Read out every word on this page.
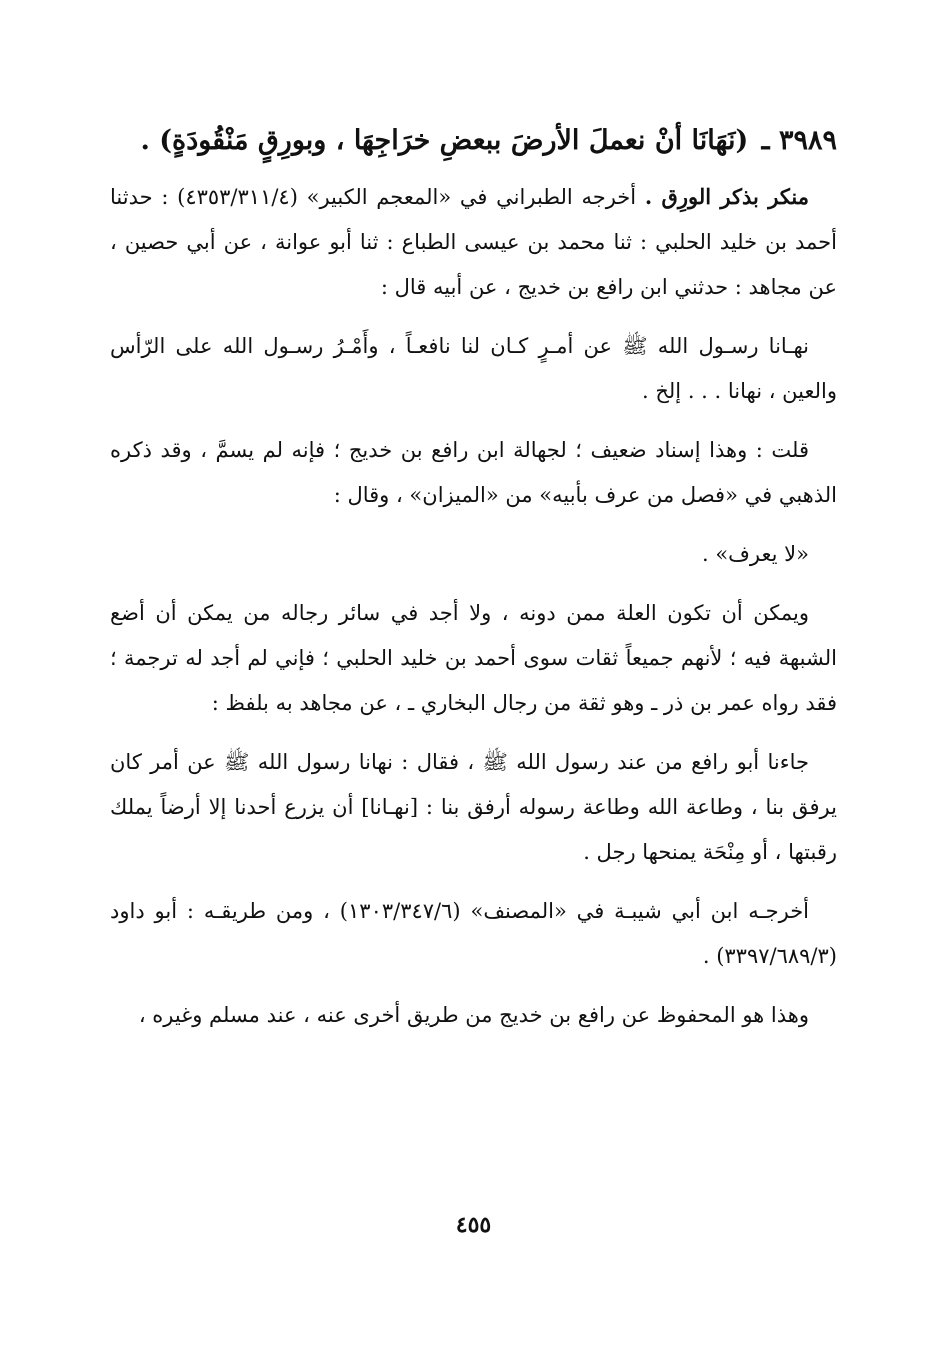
٣٩٨٩ ـ (نَهَانَا أنْ نعملَ الأرضَ ببعضِ خرَاجِهَا ، وبورِقٍ مَنْقُودَةٍ) .

منكر بذكر الورِق . أخرجه الطبراني في «المعجم الكبير» (٤٣٥٣/٣١١/٤) : حدثنا أحمد بن خليد الحلبي : ثنا محمد بن عيسى الطباع : ثنا أبو عوانة ، عن أبي حصين ، عن مجاهد : حدثني ابن رافع بن خديج ، عن أبيه قال :

نهـانا رسـول الله ﷺ عن أمـرٍ كـان لنا نافعـاً ، وأَمْـرُ رسـول الله على الرّأس والعين ، نهانا . . . إلخ .

قلت : وهذا إسناد ضعيف ؛ لجهالة ابن رافع بن خديج ؛ فإنه لم يسمَّ ، وقد ذكره الذهبي في «فصل من عرف بأبيه» من «الميزان» ، وقال :

«لا يعرف» .

ويمكن أن تكون العلة ممن دونه ، ولا أجد في سائر رجاله من يمكن أن أضع الشبهة فيه ؛ لأنهم جميعاً ثقات سوى أحمد بن خليد الحلبي ؛ فإني لم أجد له ترجمة ؛ فقد رواه عمر بن ذر ـ وهو ثقة من رجال البخاري ـ ، عن مجاهد به بلفظ :

جاءنا أبو رافع من عند رسول الله ﷺ ، فقال : نهانا رسول الله ﷺ عن أمر كان يرفق بنا ، وطاعة الله وطاعة رسوله أرفق بنا : [نهـانا] أن يزرع أحدنا إلا أرضاً يملك رقبتها ، أو مِنْحَة يمنحها رجل .

أخرجـه ابن أبي شيبـة في «المصنف» (١٣٠٣/٣٤٧/٦) ، ومن طريقـه : أبو داود (٣٣٩٧/٦٨٩/٣) .

وهذا هو المحفوظ عن رافع بن خديج من طريق أخرى عنه ، عند مسلم وغيره ،

٤٥٥
